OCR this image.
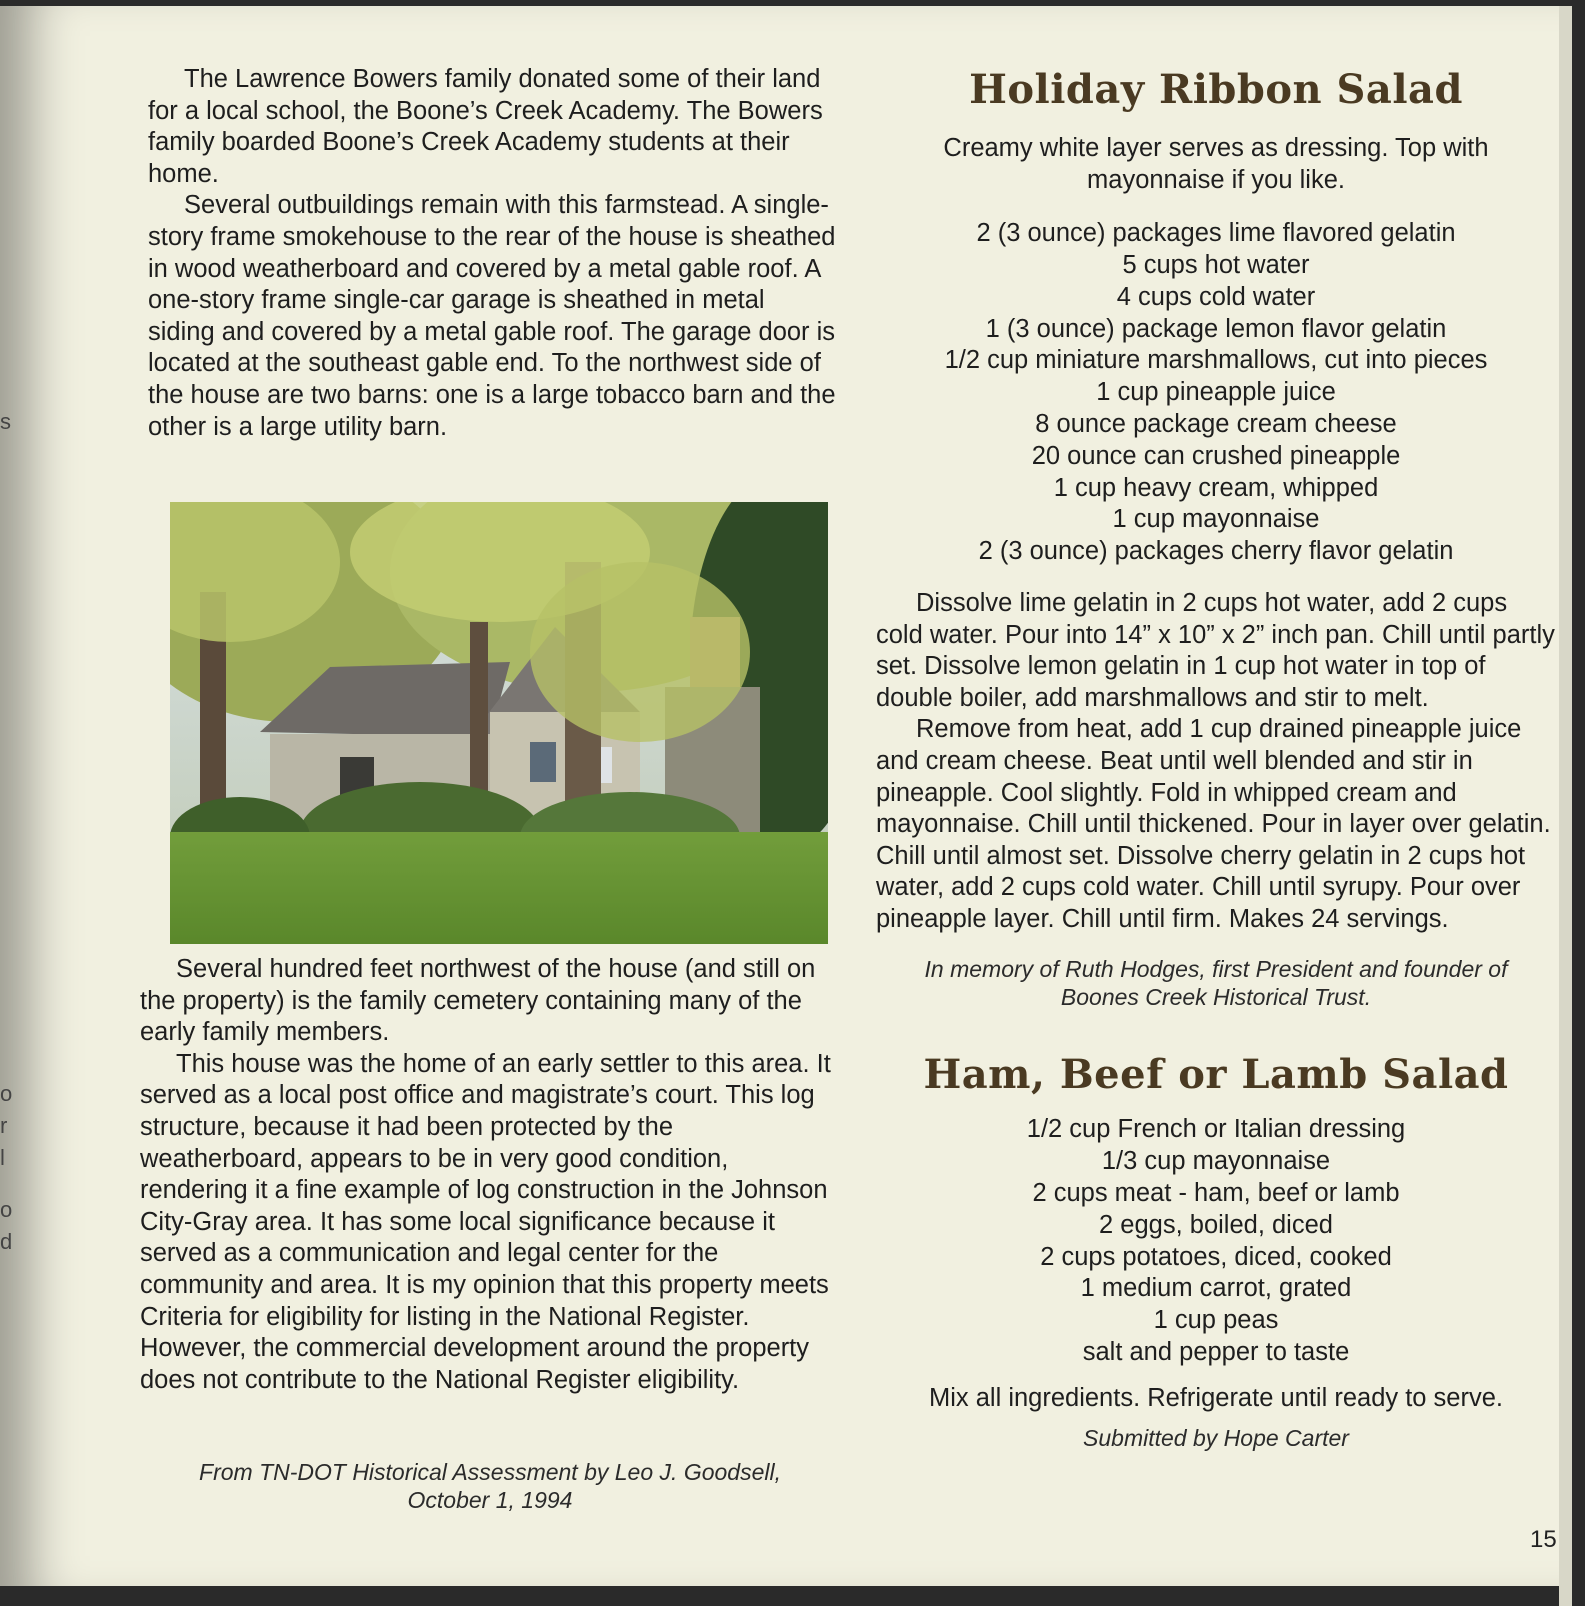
s
o
r
l
o
d

The Lawrence Bowers family donated some of their land for a local school, the Boone’s Creek Academy. The Bowers family boarded Boone’s Creek Academy students at their home.

Several outbuildings remain with this farmstead. A single-story frame smokehouse to the rear of the house is sheathed in wood weatherboard and covered by a metal gable roof. A one-story frame single-car garage is sheathed in metal siding and covered by a metal gable roof. The garage door is located at the southeast gable end. To the northwest side of the house are two barns: one is a large tobacco barn and the other is a large utility barn.

Several hundred feet northwest of the house (and still on the property) is the family cemetery containing many of the early family members.

This house was the home of an early settler to this area. It served as a local post office and magistrate’s court. This log structure, because it had been protected by the weatherboard, appears to be in very good condition, rendering it a fine example of log construction in the Johnson City-Gray area. It has some local significance because it served as a communication and legal center for the community and area. It is my opinion that this property meets Criteria for eligibility for listing in the National Register. However, the commercial development around the property does not contribute to the National Register eligibility.

From TN-DOT Historical Assessment by Leo J. Goodsell,
October 1, 1994
Holiday Ribbon Salad
Creamy white layer serves as dressing. Top with mayonnaise if you like.
2 (3 ounce) packages lime flavored gelatin
5 cups hot water
4 cups cold water
1 (3 ounce) package lemon flavor gelatin
1/2 cup miniature marshmallows, cut into pieces
1 cup pineapple juice
8 ounce package cream cheese
20 ounce can crushed pineapple
1 cup heavy cream, whipped
1 cup mayonnaise
2 (3 ounce) packages cherry flavor gelatin

Dissolve lime gelatin in 2 cups hot water, add 2 cups cold water. Pour into 14” x 10” x 2” inch pan. Chill until partly set. Dissolve lemon gelatin in 1 cup hot water in top of double boiler, add marshmallows and stir to melt.

Remove from heat, add 1 cup drained pineapple juice and cream cheese. Beat until well blended and stir in pineapple. Cool slightly. Fold in whipped cream and mayonnaise. Chill until thickened. Pour in layer over gelatin. Chill until almost set. Dissolve cherry gelatin in 2 cups hot water, add 2 cups cold water. Chill until syrupy. Pour over pineapple layer. Chill until firm. Makes 24 servings.

In memory of Ruth Hodges, first President and founder of
Boones Creek Historical Trust.
Ham, Beef or Lamb Salad
1/2 cup French or Italian dressing
1/3 cup mayonnaise
2 cups meat - ham, beef or lamb
2 eggs, boiled, diced
2 cups potatoes, diced, cooked
1 medium carrot, grated
1 cup peas
salt and pepper to taste
Mix all ingredients. Refrigerate until ready to serve.
Submitted by Hope Carter
15
